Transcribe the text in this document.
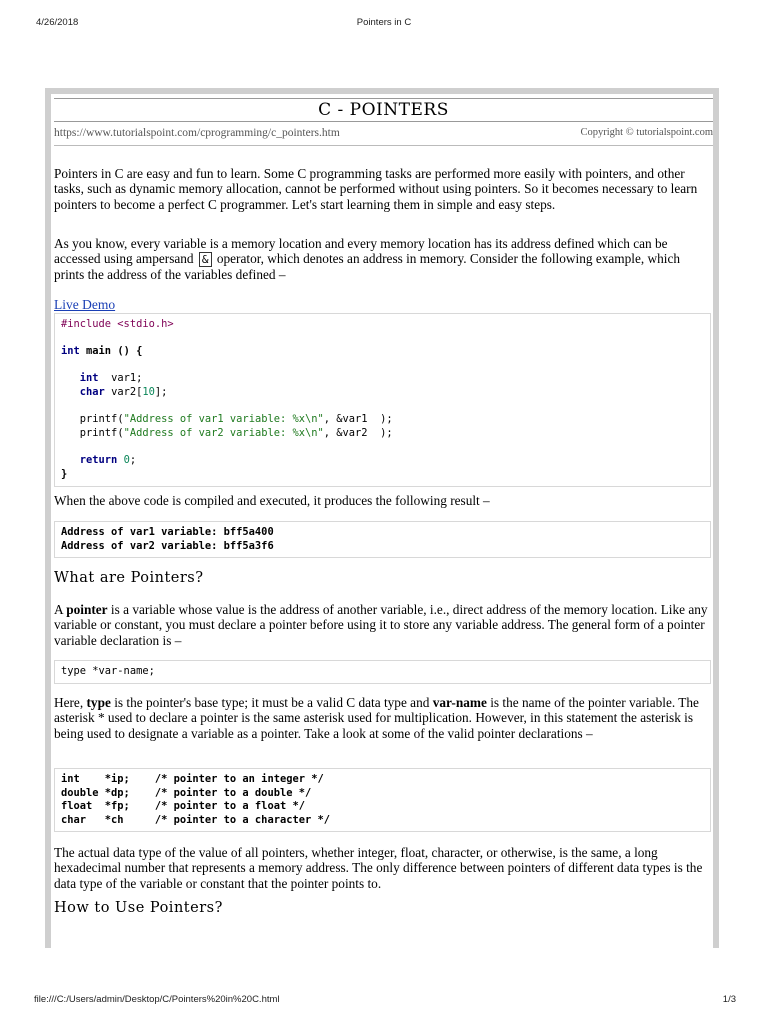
4/26/2018	Pointers in C
C - POINTERS
https://www.tutorialspoint.com/cprogramming/c_pointers.htm	Copyright © tutorialspoint.com

Pointers in C are easy and fun to learn. Some C programming tasks are performed more easily with pointers, and other tasks, such as dynamic memory allocation, cannot be performed without using pointers. So it becomes necessary to learn pointers to become a perfect C programmer. Let's start learning them in simple and easy steps.

As you know, every variable is a memory location and every memory location has its address defined which can be accessed using ampersand & operator, which denotes an address in memory. Consider the following example, which prints the address of the variables defined –

Live Demo
#include <stdio.h>

int main () {

int  var1;
char var2[10];

printf("Address of var1 variable: %x\n", &var1  );
printf("Address of var2 variable: %x\n", &var2  );

return 0;
}

When the above code is compiled and executed, it produces the following result –

Address of var1 variable: bff5a400
Address of var2 variable: bff5a3f6
What are Pointers?

A pointer is a variable whose value is the address of another variable, i.e., direct address of the memory location. Like any variable or constant, you must declare a pointer before using it to store any variable address. The general form of a pointer variable declaration is –

type *var-name;

Here, type is the pointer's base type; it must be a valid C data type and var-name is the name of the pointer variable. The asterisk * used to declare a pointer is the same asterisk used for multiplication. However, in this statement the asterisk is being used to designate a variable as a pointer. Take a look at some of the valid pointer declarations –

int    *ip;    /* pointer to an integer */
double *dp;    /* pointer to a double */
float  *fp;    /* pointer to a float */
char   *ch     /* pointer to a character */

The actual data type of the value of all pointers, whether integer, float, character, or otherwise, is the same, a long hexadecimal number that represents a memory address. The only difference between pointers of different data types is the data type of the variable or constant that the pointer points to.

How to Use Pointers?
file:///C:/Users/admin/Desktop/C/Pointers%20in%20C.html	1/3
